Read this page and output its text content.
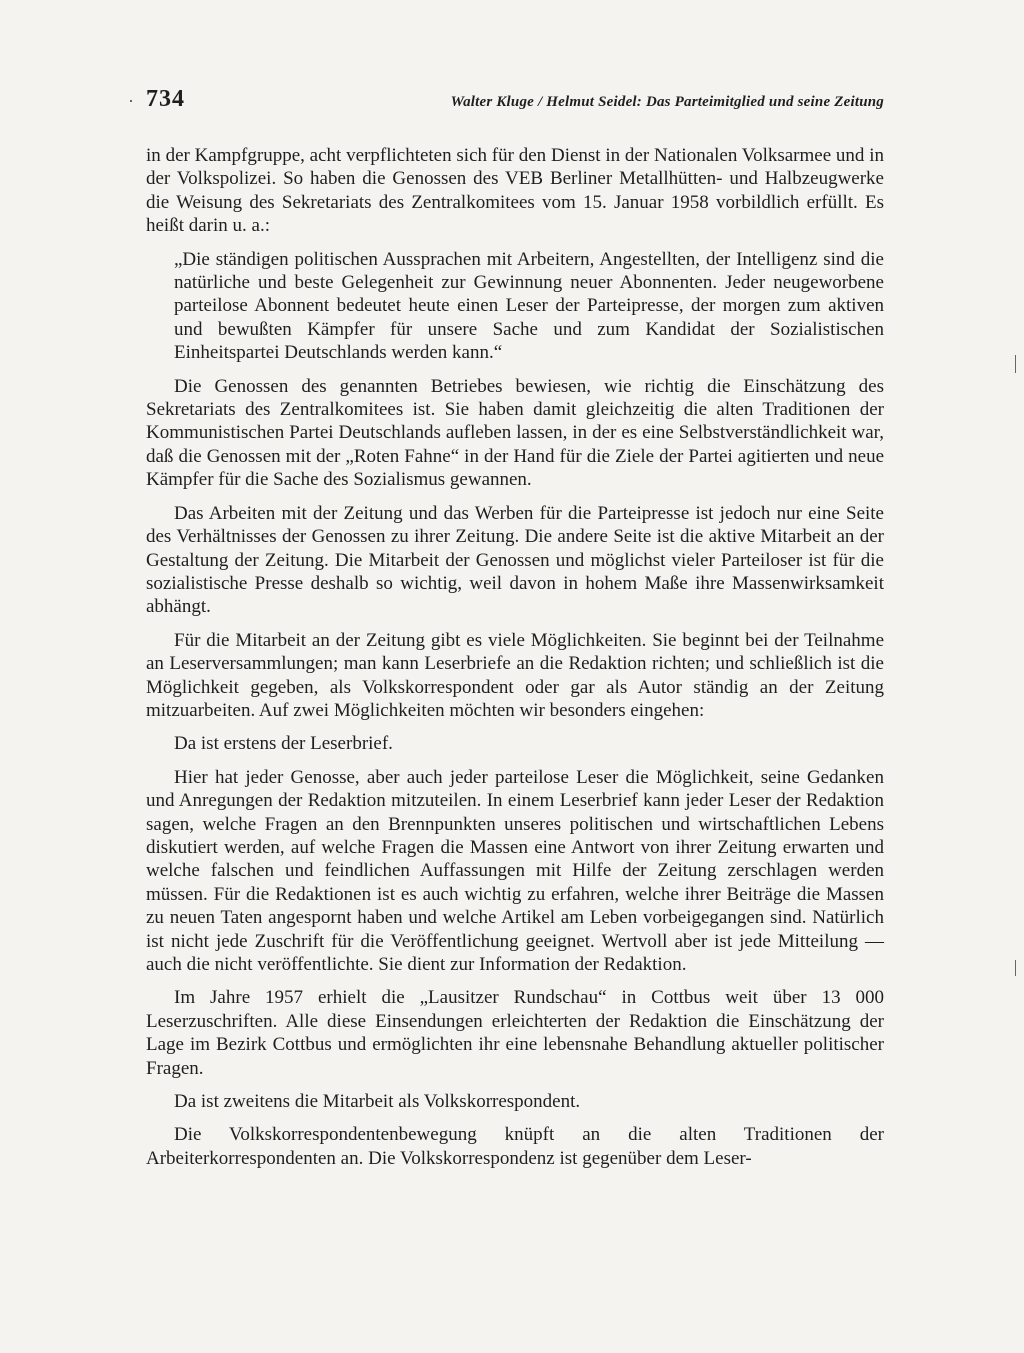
734	Walter Kluge / Helmut Seidel: Das Parteimitglied und seine Zeitung

in der Kampfgruppe, acht verpflichteten sich für den Dienst in der Nationalen Volksarmee und in der Volkspolizei. So haben die Genossen des VEB Berliner Metallhütten- und Halbzeugwerke die Weisung des Sekretariats des Zentralkomitees vom 15. Januar 1958 vorbildlich erfüllt. Es heißt darin u. a.:

„Die ständigen politischen Aussprachen mit Arbeitern, Angestellten, der Intelligenz sind die natürliche und beste Gelegenheit zur Gewinnung neuer Abonnenten. Jeder neugeworbene parteilose Abonnent bedeutet heute einen Leser der Parteipresse, der morgen zum aktiven und bewußten Kämpfer für unsere Sache und zum Kandidat der Sozialistischen Einheitspartei Deutschlands werden kann.“

Die Genossen des genannten Betriebes bewiesen, wie richtig die Einschätzung des Sekretariats des Zentralkomitees ist. Sie haben damit gleichzeitig die alten Traditionen der Kommunistischen Partei Deutschlands aufleben lassen, in der es eine Selbstverständlichkeit war, daß die Genossen mit der „Roten Fahne“ in der Hand für die Ziele der Partei agitierten und neue Kämpfer für die Sache des Sozialismus gewannen.

Das Arbeiten mit der Zeitung und das Werben für die Parteipresse ist jedoch nur eine Seite des Verhältnisses der Genossen zu ihrer Zeitung. Die andere Seite ist die aktive Mitarbeit an der Gestaltung der Zeitung. Die Mitarbeit der Genossen und möglichst vieler Parteiloser ist für die sozialistische Presse deshalb so wichtig, weil davon in hohem Maße ihre Massenwirksamkeit abhängt.

Für die Mitarbeit an der Zeitung gibt es viele Möglichkeiten. Sie beginnt bei der Teilnahme an Leserversammlungen; man kann Leserbriefe an die Redaktion richten; und schließlich ist die Möglichkeit gegeben, als Volkskorrespondent oder gar als Autor ständig an der Zeitung mitzuarbeiten. Auf zwei Möglichkeiten möchten wir besonders eingehen:

Da ist erstens der Leserbrief.

Hier hat jeder Genosse, aber auch jeder parteilose Leser die Möglichkeit, seine Gedanken und Anregungen der Redaktion mitzuteilen. In einem Leserbrief kann jeder Leser der Redaktion sagen, welche Fragen an den Brennpunkten unseres politischen und wirtschaftlichen Lebens diskutiert werden, auf welche Fragen die Massen eine Antwort von ihrer Zeitung erwarten und welche falschen und feindlichen Auffassungen mit Hilfe der Zeitung zerschlagen werden müssen. Für die Redaktionen ist es auch wichtig zu erfahren, welche ihrer Beiträge die Massen zu neuen Taten angespornt haben und welche Artikel am Leben vorbeigegangen sind. Natürlich ist nicht jede Zuschrift für die Veröffentlichung geeignet. Wertvoll aber ist jede Mitteilung — auch die nicht veröffentlichte. Sie dient zur Information der Redaktion.

Im Jahre 1957 erhielt die „Lausitzer Rundschau“ in Cottbus weit über 13 000 Leserzuschriften. Alle diese Einsendungen erleichterten der Redaktion die Einschätzung der Lage im Bezirk Cottbus und ermöglichten ihr eine lebensnahe Behandlung aktueller politischer Fragen.

Da ist zweitens die Mitarbeit als Volkskorrespondent.

Die Volkskorrespondentenbewegung knüpft an die alten Traditionen der Arbeiterkorrespondenten an. Die Volkskorrespondenz ist gegenüber dem Leser-
